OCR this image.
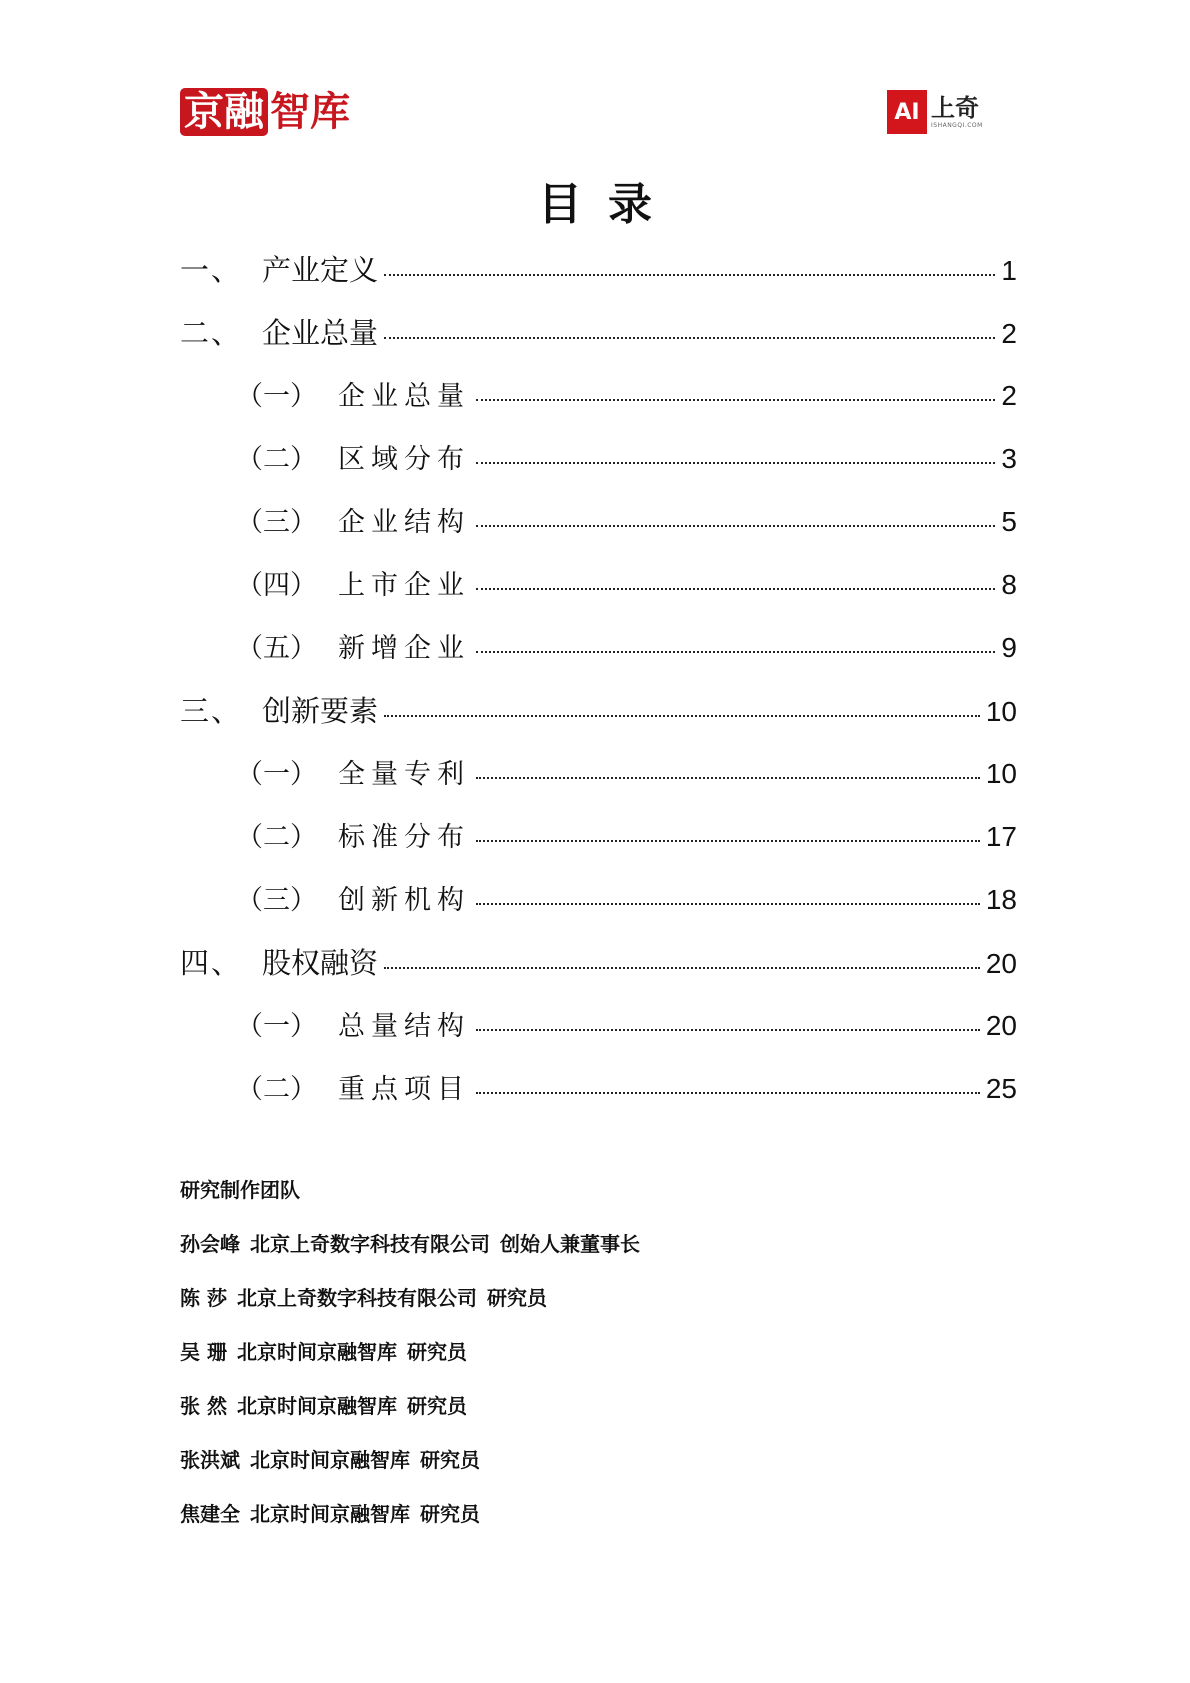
京融 智库	AI 上奇
ISHANGQI.COM
目录
一、 产业定义	1
二、 企业总量	2
（一） 企业总量	2
（二） 区域分布	3
（三） 企业结构	5
（四） 上市企业	8
（五） 新增企业	9
三、 创新要素	10
（一） 全量专利	10
（二） 标准分布	17
（三） 创新机构	18
四、 股权融资	20
（一） 总量结构	20
（二） 重点项目	25
研究制作团队
孙会峰 北京上奇数字科技有限公司 创始人兼董事长
陈 莎 北京上奇数字科技有限公司 研究员
吴 珊 北京时间京融智库 研究员
张 然 北京时间京融智库 研究员
张洪斌 北京时间京融智库 研究员
焦建全 北京时间京融智库 研究员
